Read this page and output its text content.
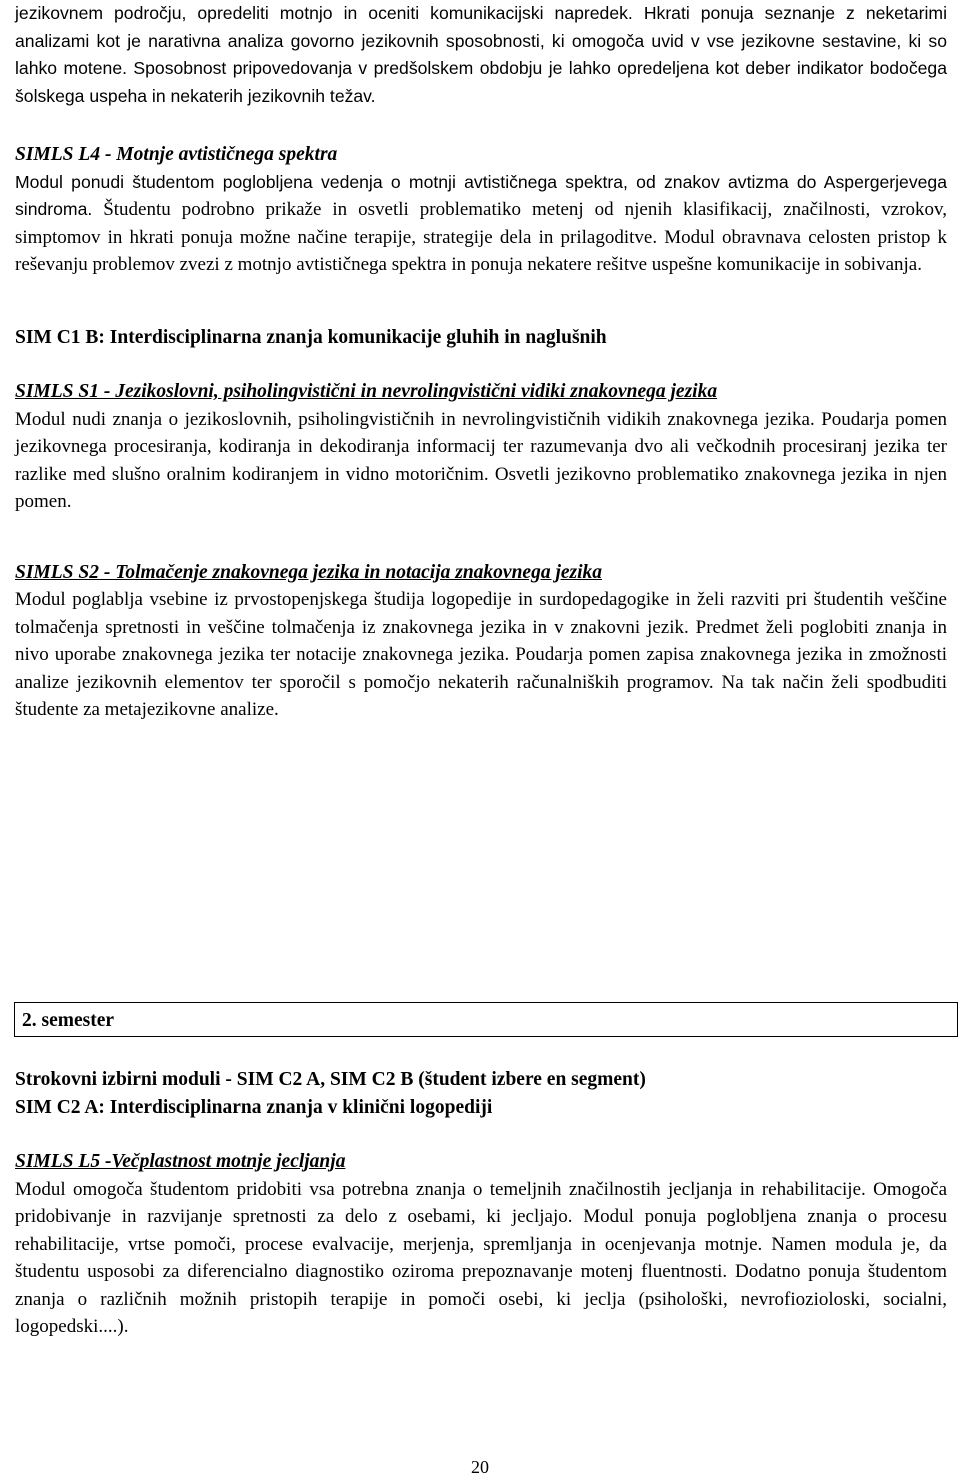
jezikovnem področju, opredeliti motnjo in oceniti komunikacijski napredek. Hkrati ponuja seznanje z neketarimi analizami kot je narativna analiza govorno jezikovnih sposobnosti, ki omogoča uvid v vse jezikovne sestavine, ki so lahko motene. Sposobnost pripovedovanja v predšolskem obdobju je lahko opredeljena kot deber indikator bodočega šolskega uspeha in nekaterih jezikovnih težav.

SIMLS L4 - Motnje avtističnega spektra

Modul ponudi študentom poglobljena vedenja o motnji avtističnega spektra, od znakov avtizma do Aspergerjevega sindroma. Študentu podrobno prikaže in osvetli problematiko metenj od njenih klasifikacij, značilnosti, vzrokov, simptomov in hkrati ponuja možne načine terapije, strategije dela in prilagoditve. Modul obravnava celosten pristop k reševanju problemov zvezi z motnjo avtističnega spektra in ponuja nekatere rešitve uspešne komunikacije in sobivanja.

SIM C1 B: Interdisciplinarna znanja komunikacije gluhih in naglušnih

SIMLS S1 - Jezikoslovni, psiholingvistični in nevrolingvistični vidiki znakovnega jezika

Modul nudi znanja o jezikoslovnih, psiholingvističnih in nevrolingvističnih vidikih znakovnega jezika. Poudarja pomen jezikovnega procesiranja, kodiranja in dekodiranja informacij ter razumevanja dvo ali večkodnih procesiranj jezika ter razlike med slušno oralnim kodiranjem in vidno motoričnim. Osvetli jezikovno problematiko znakovnega jezika in njen pomen.

SIMLS S2 - Tolmačenje znakovnega jezika in notacija znakovnega jezika

Modul poglablja vsebine iz prvostopenjskega študija logopedije in surdopedagogike in želi razviti pri študentih veščine tolmačenja spretnosti in veščine tolmačenja iz znakovnega jezika in v znakovni jezik. Predmet želi poglobiti znanja in nivo uporabe znakovnega jezika ter notacije znakovnega jezika. Poudarja pomen zapisa znakovnega jezika in zmožnosti analize jezikovnih elementov ter sporočil s pomočjo nekaterih računalniških programov. Na tak način želi spodbuditi študente za metajezikovne analize.

2. semester

Strokovni izbirni moduli - SIM C2 A, SIM C2 B (študent izbere en segment)

SIM C2 A: Interdisciplinarna znanja v klinični logopediji

SIMLS L5 -Večplastnost motnje jecljanja

Modul omogoča študentom pridobiti vsa potrebna znanja o temeljnih značilnostih jecljanja in rehabilitacije. Omogoča pridobivanje in razvijanje spretnosti za delo z osebami, ki jecljajo. Modul ponuja poglobljena znanja o procesu rehabilitacije, vrtse pomoči, procese evalvacije, merjenja, spremljanja in ocenjevanja motnje. Namen modula je, da študentu usposobi za diferencialno diagnostiko oziroma prepoznavanje motenj fluentnosti. Dodatno ponuja študentom znanja o različnih možnih pristopih terapije in pomoči osebi, ki jeclja (psihološki, nevrofiozioloski, socialni, logopedski....).

20
